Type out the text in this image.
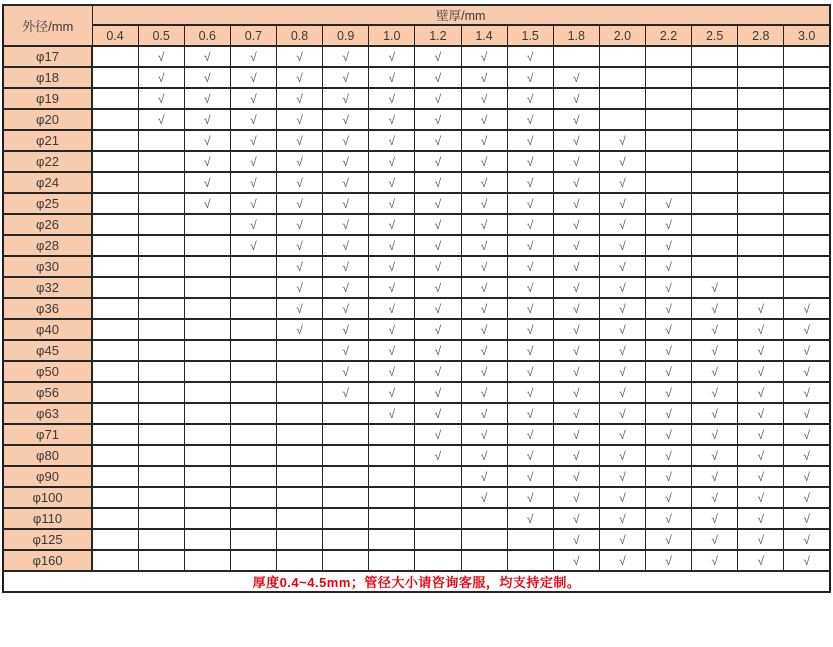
外径/mm	壁厚/mm															
	0.4	0.5	0.6	0.7	0.8	0.9	1.0	1.2	1.4	1.5	1.8	2.0	2.2	2.5	2.8	3.0
φ17		√	√	√	√	√	√	√	√	√						
φ18		√	√	√	√	√	√	√	√	√	√					
φ19		√	√	√	√	√	√	√	√	√	√					
φ20		√	√	√	√	√	√	√	√	√	√					
φ21			√	√	√	√	√	√	√	√	√	√				
φ22			√	√	√	√	√	√	√	√	√	√				
φ24			√	√	√	√	√	√	√	√	√	√				
φ25			√	√	√	√	√	√	√	√	√	√	√			
φ26				√	√	√	√	√	√	√	√	√	√			
φ28				√	√	√	√	√	√	√	√	√	√			
φ30					√	√	√	√	√	√	√	√	√			
φ32					√	√	√	√	√	√	√	√	√	√		
φ36					√	√	√	√	√	√	√	√	√	√	√	√
φ40					√	√	√	√	√	√	√	√	√	√	√	√
φ45						√	√	√	√	√	√	√	√	√	√	√
φ50						√	√	√	√	√	√	√	√	√	√	√
φ56						√	√	√	√	√	√	√	√	√	√	√
φ63							√	√	√	√	√	√	√	√	√	√
φ71								√	√	√	√	√	√	√	√	√
φ80								√	√	√	√	√	√	√	√	√
φ90									√	√	√	√	√	√	√	√
φ100									√	√	√	√	√	√	√	√
φ110										√	√	√	√	√	√	√
φ125											√	√	√	√	√	√
φ160											√	√	√	√	√	√
厚度0.4~4.5mm；管径大小请咨询客服，均支持定制。																
